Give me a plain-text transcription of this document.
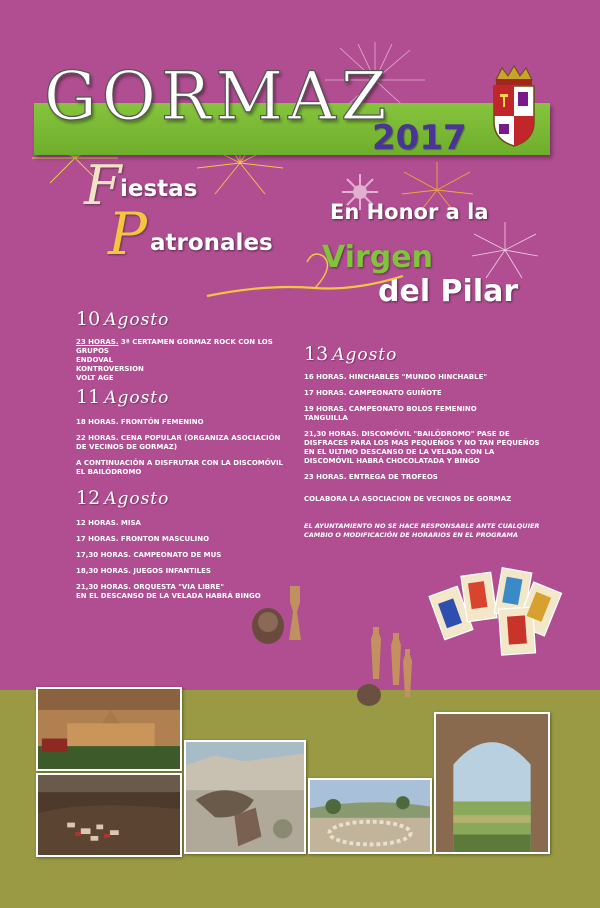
GORMAZ
2017
F
iestas
P atronales
En Honor a la
Virgen
del Pilar
10 Agosto

23 HORAS. 3ª CERTAMEN GORMAZ ROCK CON LOS GRUPOS
ENDOVAL
KONTROVERSION
VOLT AGE

11 Agosto

18 HORAS. FRONTÓN FEMENINO

22 HORAS. CENA POPULAR (ORGANIZA ASOCIACIÓN
DE VECINOS DE GORMAZ)

A CONTINUACIÓN A DISFRUTAR CON LA DISCOMÓVIL
EL BAILÓDROMO

12 Agosto

12 HORAS. MISA

17 HORAS. FRONTON MASCULINO

17,30 HORAS. CAMPEONATO DE MUS

18,30 HORAS. JUEGOS INFANTILES

21,30 HORAS. ORQUESTA "VIA LIBRE"
EN EL DESCANSO DE LA VELADA HABRÁ BINGO

13 Agosto

16 HORAS. HINCHABLES "MUNDO HINCHABLE"

17 HORAS. CAMPEONATO GUIÑOTE

19 HORAS. CAMPEONATO BOLOS FEMENINO
TANGUILLA

21,30 HORAS. DISCOMÓVIL "BAILÓDROMO" PASE DE
DISFRACES PARA LOS MAS PEQUEÑOS Y NO TAN PEQUEÑOS
EN EL ULTIMO DESCANSO DE LA VELADA CON LA
DISCOMÓVIL HABRÁ CHOCOLATADA Y BINGO

23 HORAS. ENTREGA DE TROFEOS

COLABORA LA ASOCIACION DE VECINOS DE GORMAZ
EL AYUNTAMIENTO NO SE HACE RESPONSABLE ANTE CUALQUIER CAMBIO O MODIFICACIÓN DE HORARIOS EN EL PROGRAMA
